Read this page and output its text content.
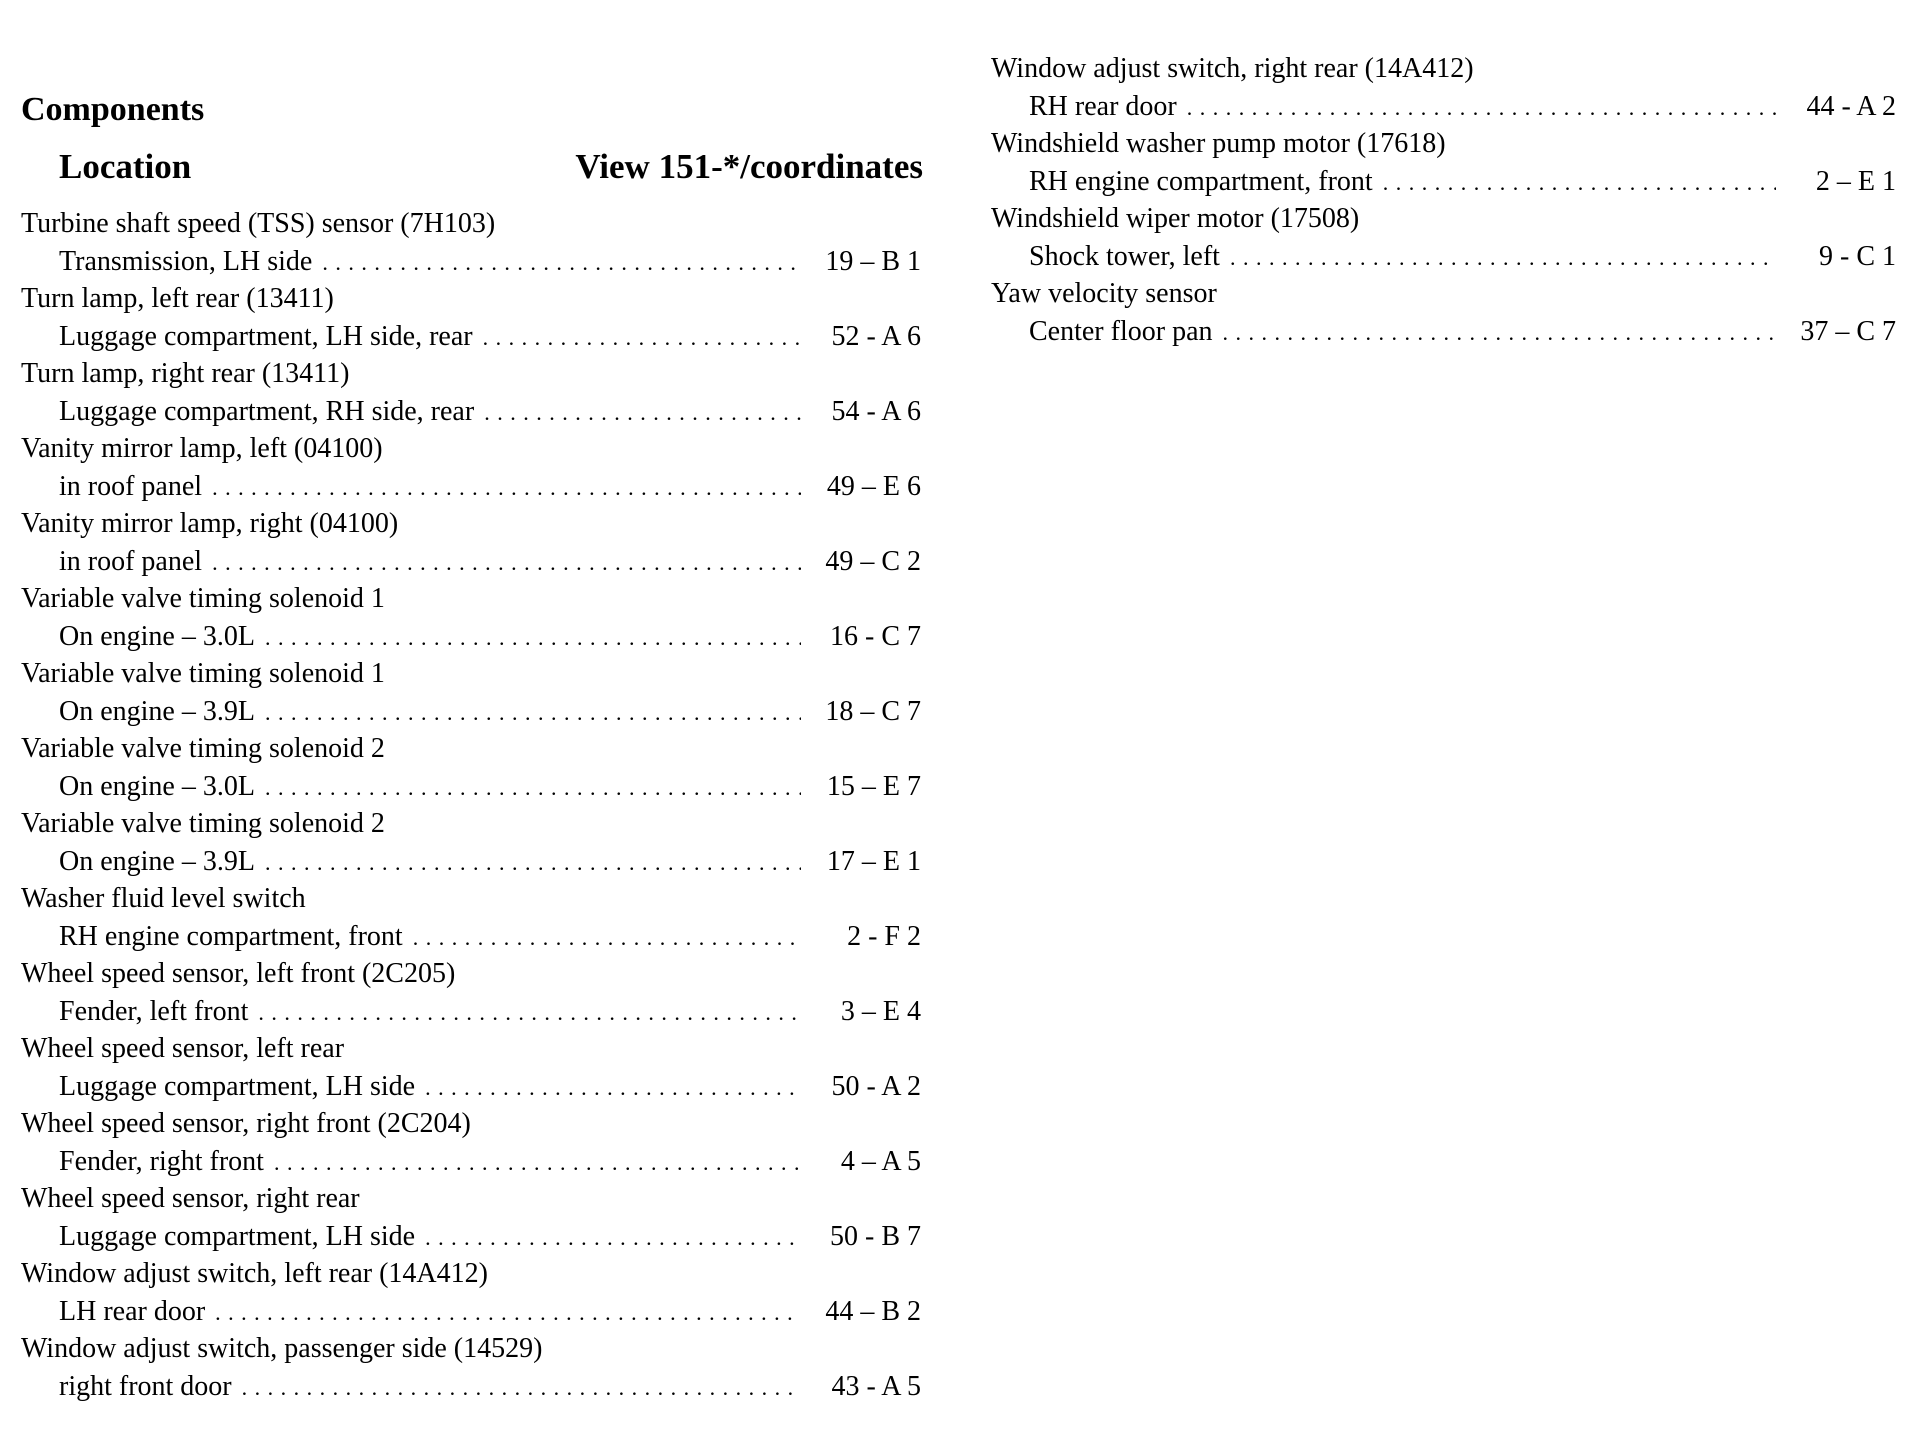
Components
Location	View 151-*/coordinates
Turbine shaft speed (TSS) sensor (7H103)
Transmission, LH side . . .	19 – B 1
Turn lamp, left rear (13411)
Luggage compartment, LH side, rear . . .	52 - A 6
Turn lamp, right rear (13411)
Luggage compartment, RH side, rear . . .	54 - A 6
Vanity mirror lamp, left (04100)
in roof panel . . .	49 – E 6
Vanity mirror lamp, right (04100)
in roof panel . . .	49 – C 2
Variable valve timing solenoid 1
On engine – 3.0L . . .	16 - C 7
Variable valve timing solenoid 1
On engine – 3.9L . . .	18 – C 7
Variable valve timing solenoid 2
On engine – 3.0L . . .	15 – E 7
Variable valve timing solenoid 2
On engine – 3.9L . . .	17 – E 1
Washer fluid level switch
RH engine compartment, front . . .	2 - F 2
Wheel speed sensor, left front (2C205)
Fender, left front . . .	3 – E 4
Wheel speed sensor, left rear
Luggage compartment, LH side . . .	50 - A 2
Wheel speed sensor, right front (2C204)
Fender, right front . . .	4 – A 5
Wheel speed sensor, right rear
Luggage compartment, LH side . . .	50 - B 7
Window adjust switch, left rear (14A412)
LH rear door . . .	44 – B 2
Window adjust switch, passenger side (14529)
right front door . . .	43 - A 5
Window adjust switch, right rear (14A412)
RH rear door . . .	44 - A 2
Windshield washer pump motor (17618)
RH engine compartment, front . . .	2 – E 1
Windshield wiper motor (17508)
Shock tower, left . . .	9 - C 1
Yaw velocity sensor
Center floor pan . . .	37 – C 7
